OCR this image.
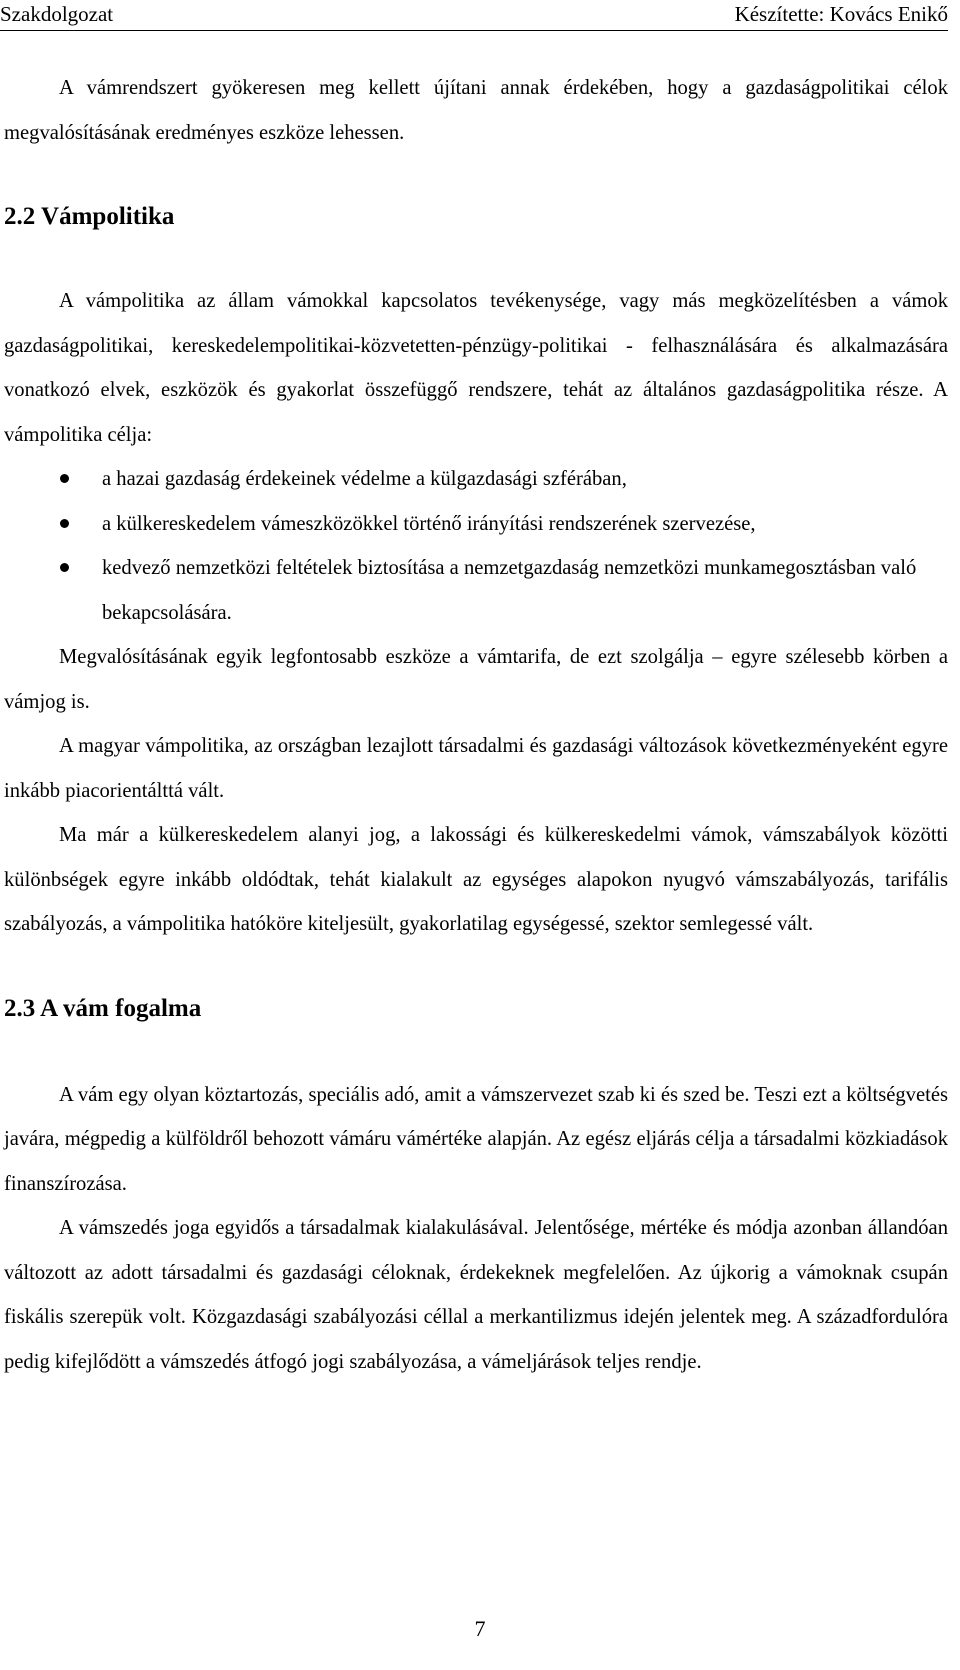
Szakdolgozat	Készítette: Kovács Enikő

A vámrendszert gyökeresen meg kellett újítani annak érdekében, hogy a gazdaságpolitikai célok megvalósításának eredményes eszköze lehessen.

2.2 Vámpolitika

A vámpolitika az állam vámokkal kapcsolatos tevékenysége, vagy más megközelítésben a vámok gazdaságpolitikai, kereskedelempolitikai-közvetetten-pénzügy-politikai - felhasználására és alkalmazására vonatkozó elvek, eszközök és gyakorlat összefüggő rendszere, tehát az általános gazdaságpolitika része. A vámpolitika célja:

a hazai gazdaság érdekeinek védelme a külgazdasági szférában,
a külkereskedelem vámeszközökkel történő irányítási rendszerének szervezése,
kedvező nemzetközi feltételek biztosítása a nemzetgazdaság nemzetközi munkamegosztásban való bekapcsolására.

Megvalósításának egyik legfontosabb eszköze a vámtarifa, de ezt szolgálja – egyre szélesebb körben a vámjog is.

A magyar vámpolitika, az országban lezajlott társadalmi és gazdasági változások következményeként egyre inkább piacorientálttá vált.

Ma már a külkereskedelem alanyi jog, a lakossági és külkereskedelmi vámok, vámszabályok közötti különbségek egyre inkább oldódtak, tehát kialakult az egységes alapokon nyugvó vámszabályozás, tarifális szabályozás, a vámpolitika hatóköre kiteljesült, gyakorlatilag egységessé, szektor semlegessé vált.

2.3 A vám fogalma

A vám egy olyan köztartozás, speciális adó, amit a vámszervezet szab ki és szed be. Teszi ezt a költségvetés javára, mégpedig a külföldről behozott vámáru vámértéke alapján. Az egész eljárás célja a társadalmi közkiadások finanszírozása.

A vámszedés joga egyidős a társadalmak kialakulásával. Jelentősége, mértéke és módja azonban állandóan változott az adott társadalmi és gazdasági céloknak, érdekeknek megfelelően. Az újkorig a vámoknak csupán fiskális szerepük volt. Közgazdasági szabályozási céllal a merkantilizmus idején jelentek meg. A századfordulóra pedig kifejlődött a vámszedés átfogó jogi szabályozása, a vámeljárások teljes rendje.

7
